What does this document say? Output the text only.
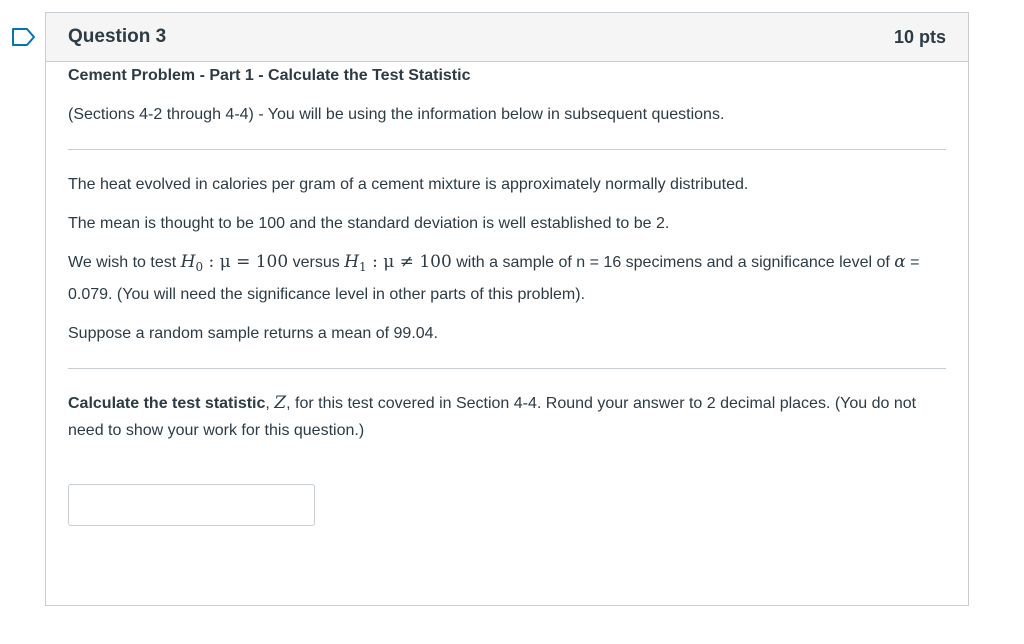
Question 3	10 pts

Cement Problem - Part 1 - Calculate the Test Statistic

(Sections 4-2 through 4-4) - You will be using the information below in subsequent questions.

The heat evolved in calories per gram of a cement mixture is approximately normally distributed.

The mean is thought to be 100 and the standard deviation is well established to be 2.

We wish to test $H_0$ : μ = 100 versus $H_1$ : μ ≠ 100 with a sample of n = 16 specimens and a significance level of α = 0.079. (You will need the significance level in other parts of this problem).

Suppose a random sample returns a mean of 99.04.

Calculate the test statistic, Z, for this test covered in Section 4-4. Round your answer to 2 decimal places. (You do not need to show your work for this question.)
